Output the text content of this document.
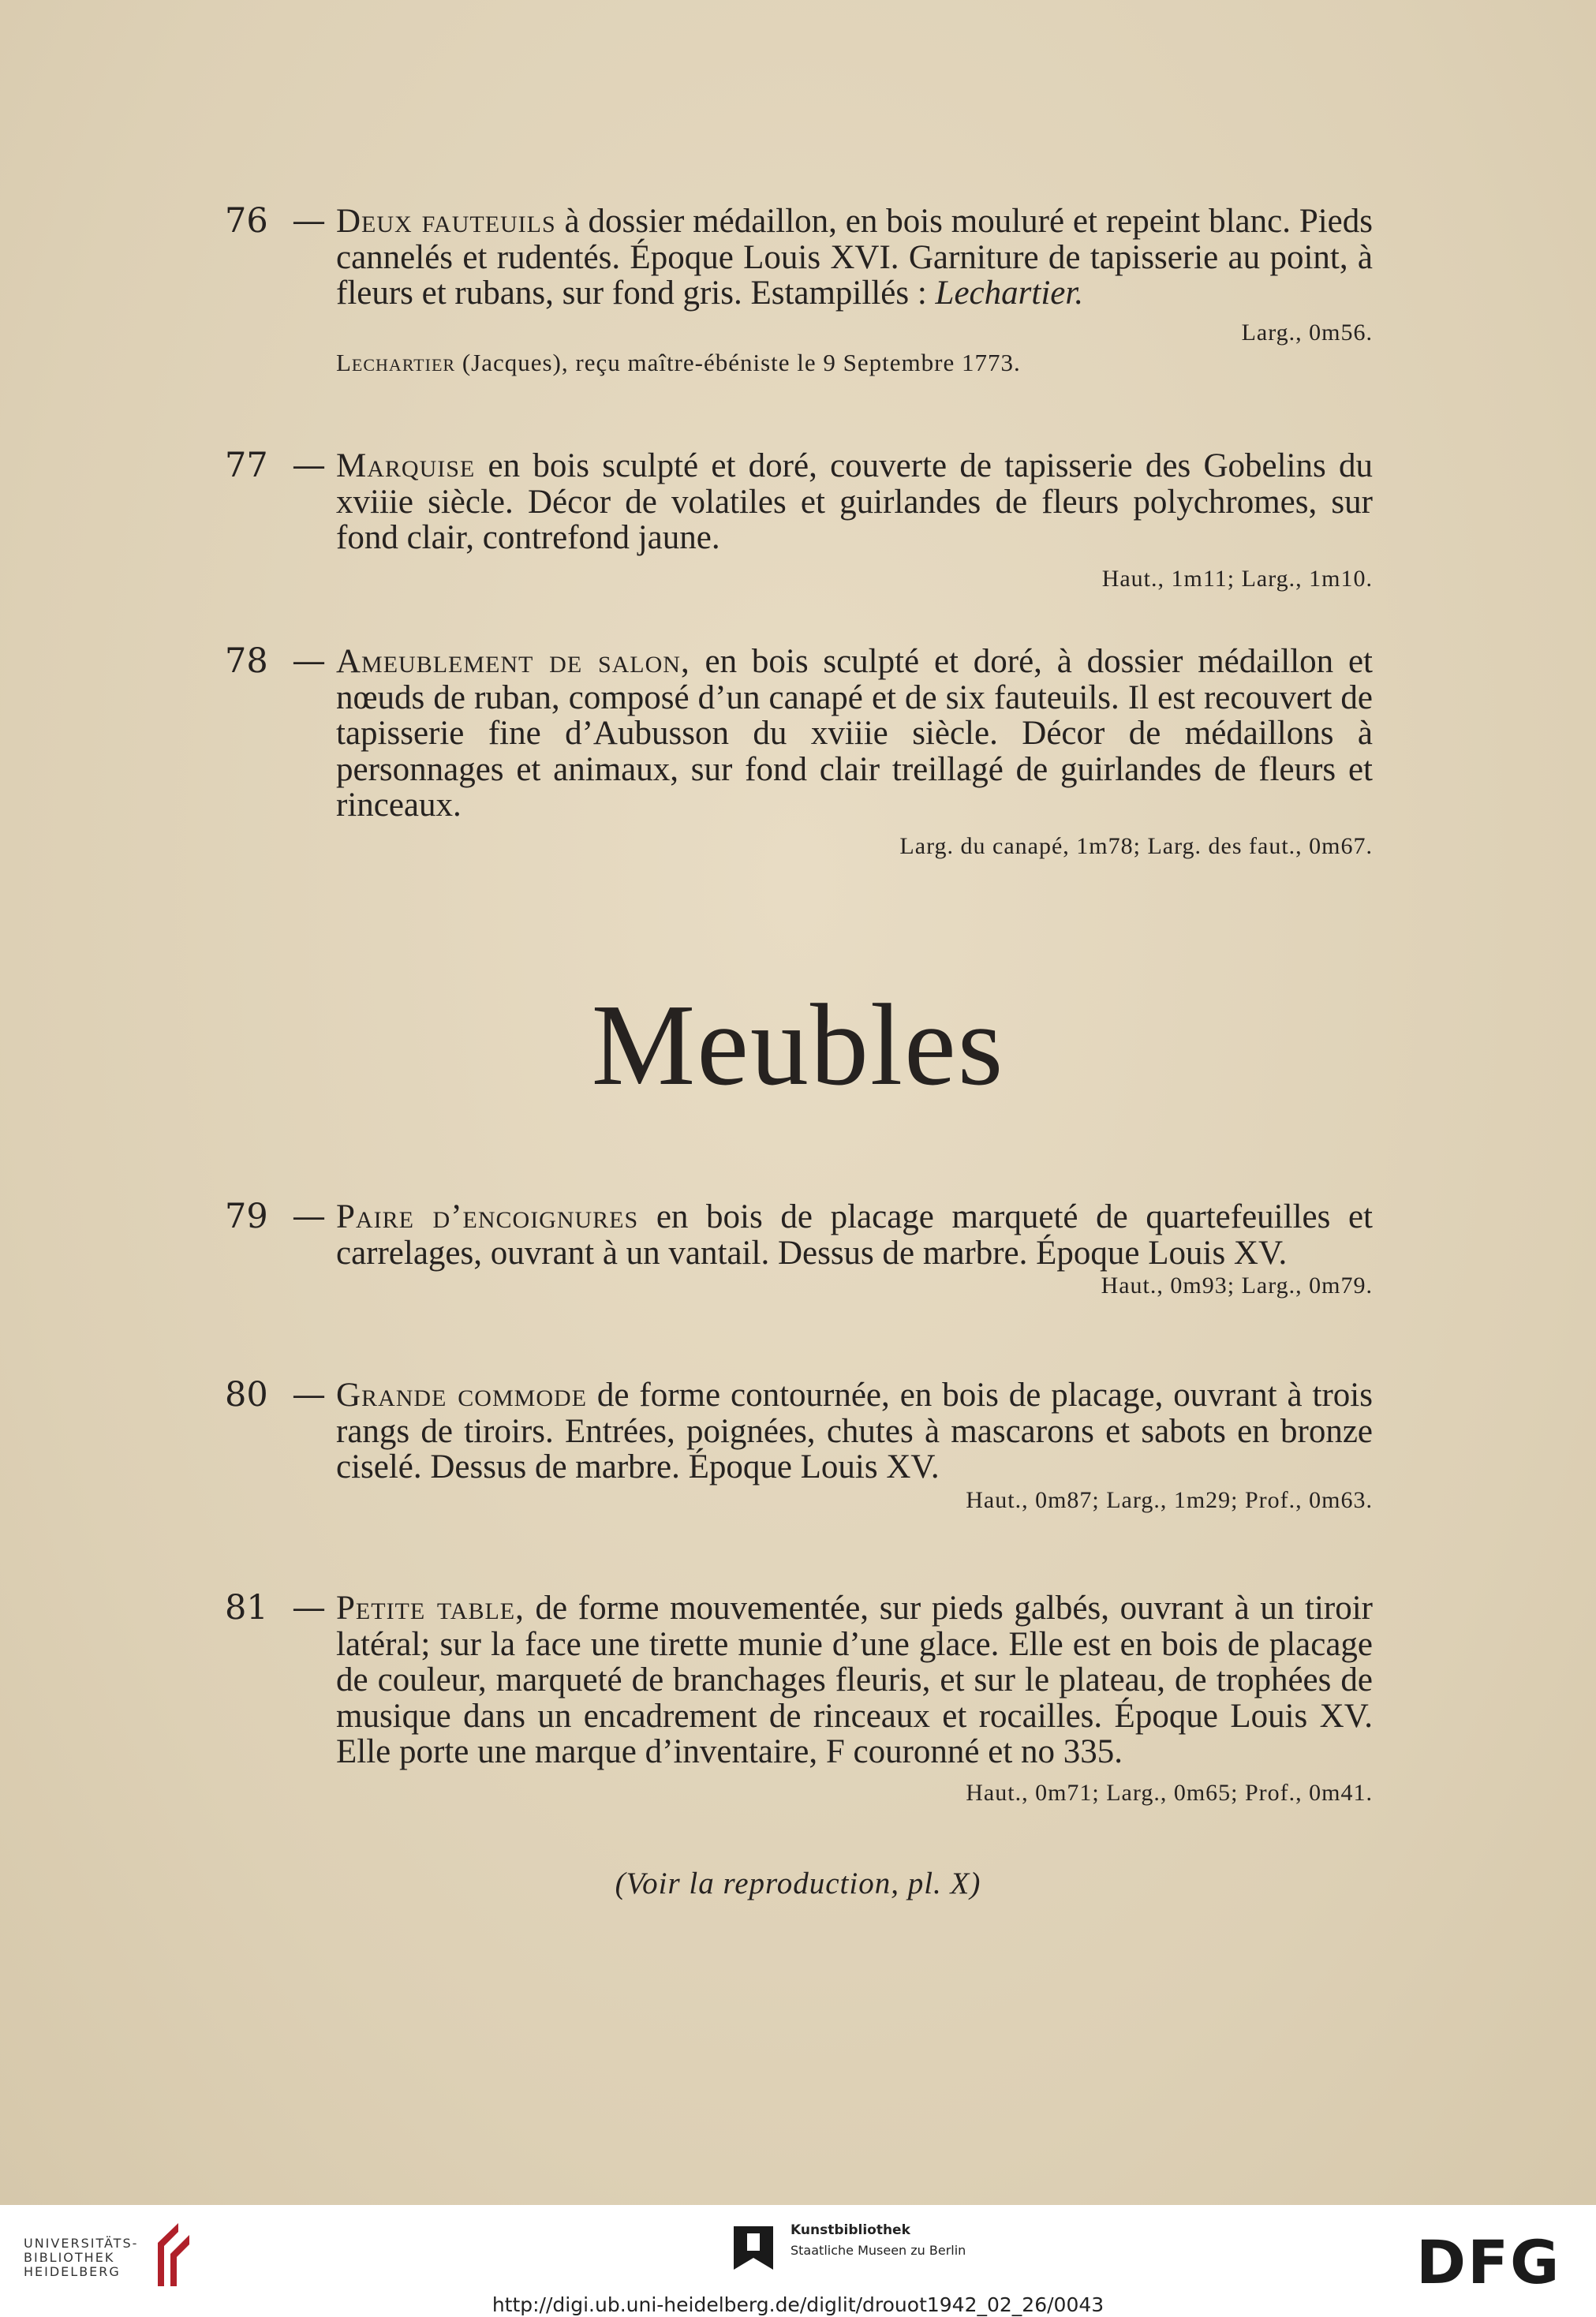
76 — Deux fauteuils à dossier médaillon, en bois mouluré et repeint blanc. Pieds cannelés et rudentés. Époque Louis XVI. Garniture de tapisserie au point, à fleurs et rubans, sur fond gris. Estampillés : Lechartier.
Larg., 0m56.
Lechartier (Jacques), reçu maître-ébéniste le 9 Septembre 1773.
77 — Marquise en bois sculpté et doré, couverte de tapisserie des Gobelins du xviiie siècle. Décor de volatiles et guirlandes de fleurs polychromes, sur fond clair, contrefond jaune.
Haut., 1m11; Larg., 1m10.
78 — Ameublement de salon, en bois sculpté et doré, à dossier médaillon et nœuds de ruban, composé d’un canapé et de six fauteuils. Il est recouvert de tapisserie fine d’Aubusson du xviiie siècle. Décor de médaillons à personnages et animaux, sur fond clair treillagé de guirlandes de fleurs et rinceaux.
Larg. du canapé, 1m78; Larg. des faut., 0m67.
Meubles
79 — Paire d’encoignures en bois de placage marqueté de quartefeuilles et carrelages, ouvrant à un vantail. Dessus de marbre. Époque Louis XV.
Haut., 0m93; Larg., 0m79.
80 — Grande commode de forme contournée, en bois de placage, ouvrant à trois rangs de tiroirs. Entrées, poignées, chutes à mascarons et sabots en bronze ciselé. Dessus de marbre. Époque Louis XV.
Haut., 0m87; Larg., 1m29; Prof., 0m63.
81 — Petite table, de forme mouvementée, sur pieds galbés, ouvrant à un tiroir latéral; sur la face une tirette munie d’une glace. Elle est en bois de placage de couleur, marqueté de branchages fleuris, et sur le plateau, de trophées de musique dans un encadrement de rinceaux et rocailles. Époque Louis XV. Elle porte une marque d’inventaire, F couronné et no 335.
Haut., 0m71; Larg., 0m65; Prof., 0m41.
(Voir la reproduction, pl. X)
UNIVERSITÄTS-
BIBLIOTHEK
HEIDELBERG
Kunstbibliothek
Staatliche Museen zu Berlin	DFG
http://digi.ub.uni-heidelberg.de/diglit/drouot1942_02_26/0043
